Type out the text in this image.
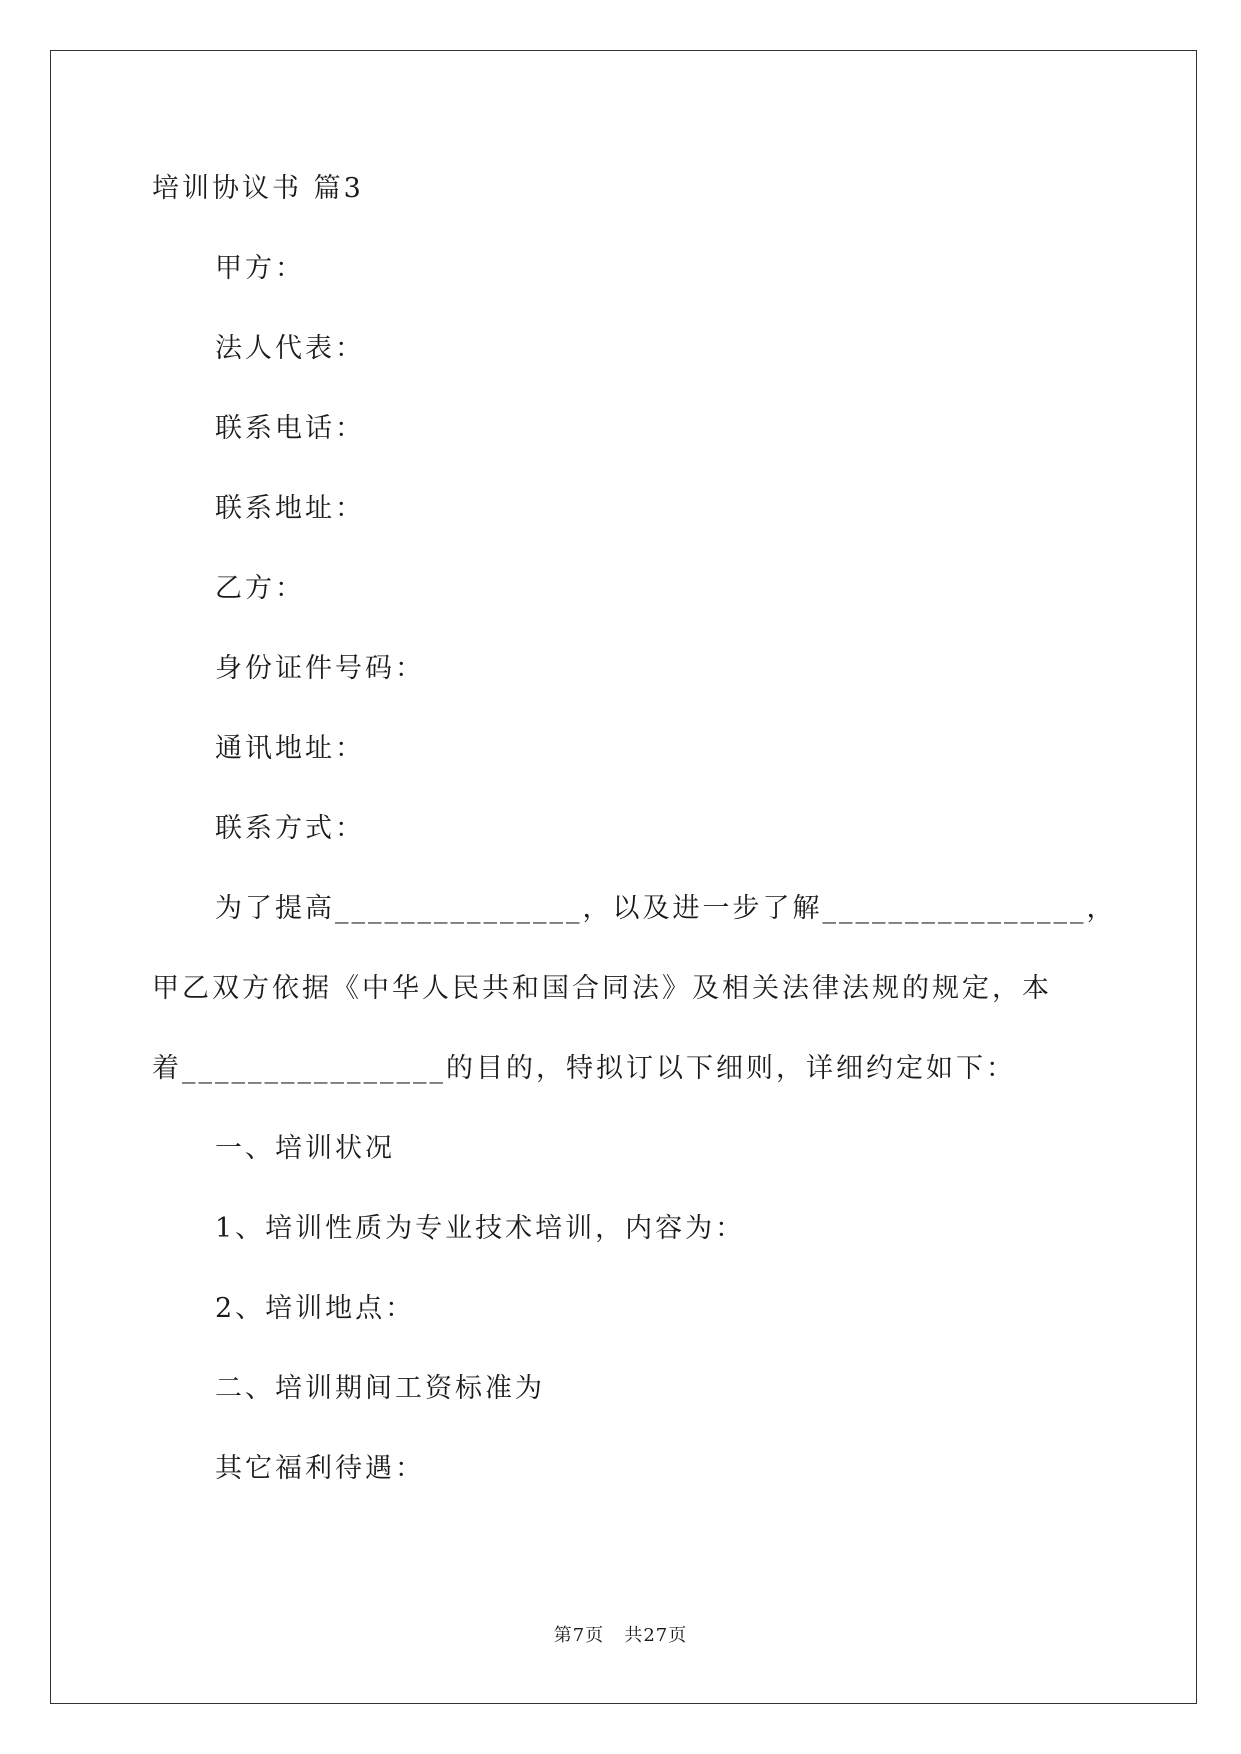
培训协议书 篇3

甲方：

法人代表：

联系电话：

联系地址：

乙方：

身份证件号码：

通讯地址：

联系方式：

为了提高_______________，以及进一步了解________________，

甲乙双方依据《中华人民共和国合同法》及相关法律法规的规定，本

着________________的目的，特拟订以下细则，详细约定如下：

一、培训状况

1、培训性质为专业技术培训，内容为：

2、培训地点：

二、培训期间工资标准为

其它福利待遇：

第7页   共27页
